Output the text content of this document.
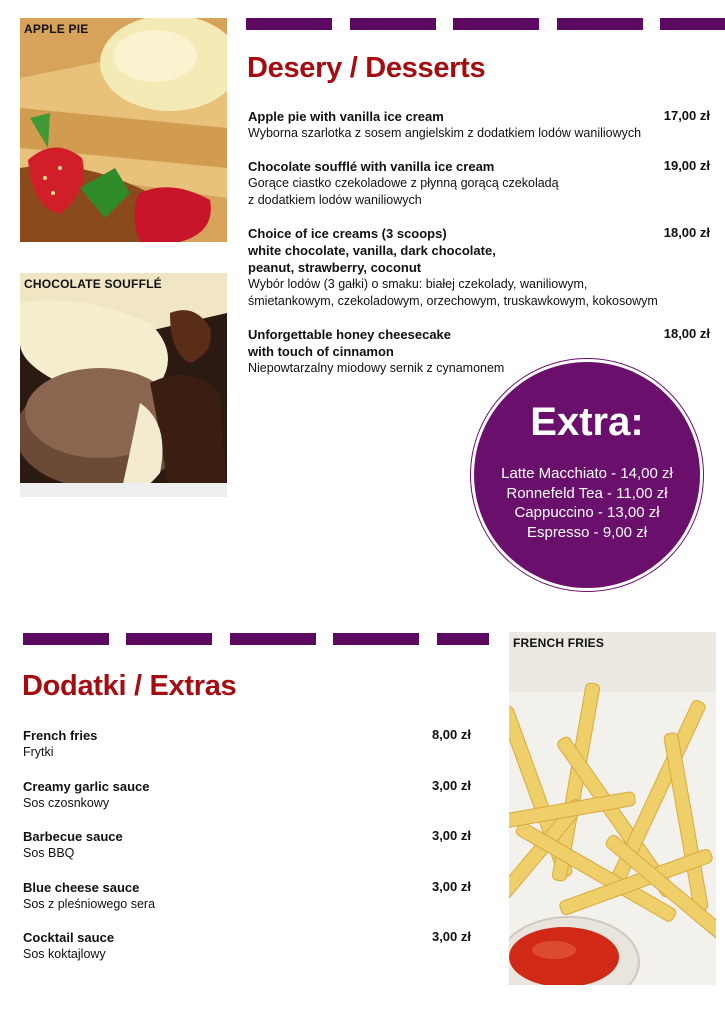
APPLE PIE
CHOCOLATE SOUFFLÉ
Desery / Desserts
Apple pie with vanilla ice cream
Wyborna szarlotka z sosem angielskim z dodatkiem lodów waniliowych
17,00 zł
Chocolate soufflé with vanilla ice cream
Gorące ciastko czekoladowe z płynną gorącą czekoladą
z dodatkiem lodów waniliowych
19,00 zł
Choice of ice creams (3 scoops)
white chocolate, vanilla, dark chocolate,
peanut, strawberry, coconut
Wybór lodów (3 gałki) o smaku: białej czekolady, waniliowym,
śmietankowym, czekoladowym, orzechowym, truskawkowym, kokosowym
18,00 zł
Unforgettable honey cheesecake
with touch of cinnamon
Niepowtarzalny miodowy sernik z cynamonem
18,00 zł
Extra:
Latte Macchiato - 14,00 zł
Ronnefeld Tea - 11,00 zł
Cappuccino - 13,00 zł
Espresso - 9,00 zł
FRENCH FRIES
Dodatki / Extras
French fries
Frytki
8,00 zł
Creamy garlic sauce
Sos czosnkowy
3,00 zł
Barbecue sauce
Sos BBQ
3,00 zł
Blue cheese sauce
Sos z pleśniowego sera
3,00 zł
Cocktail sauce
Sos koktajlowy
3,00 zł
